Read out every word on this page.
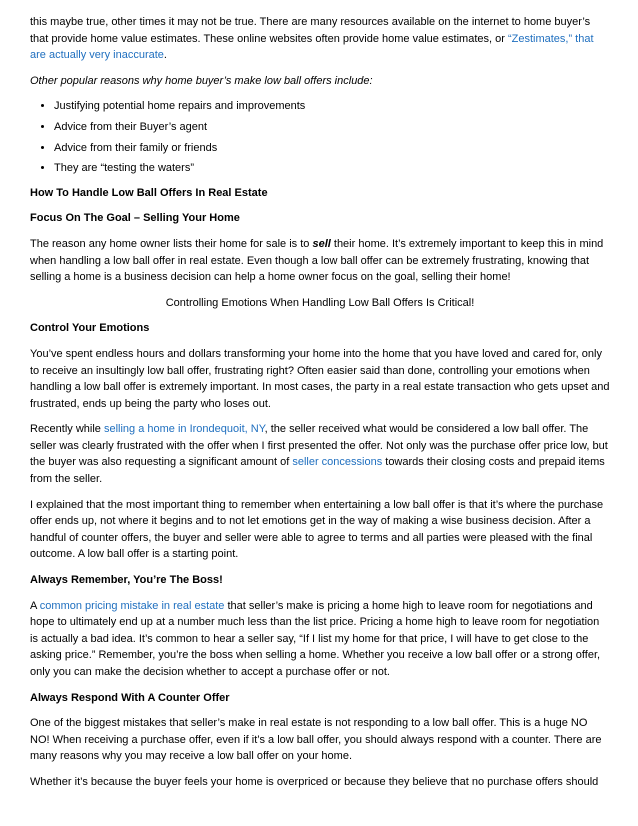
this maybe true, other times it may not be true. There are many resources available on the internet to home buyer’s that provide home value estimates. These online websites often provide home value estimates, or “Zestimates,” that are actually very inaccurate.

Other popular reasons why home buyer’s make low ball offers include:

• Justifying potential home repairs and improvements
• Advice from their Buyer’s agent
• Advice from their family or friends
• They are “testing the waters”

How To Handle Low Ball Offers In Real Estate

Focus On The Goal – Selling Your Home

The reason any home owner lists their home for sale is to sell their home. It’s extremely important to keep this in mind when handling a low ball offer in real estate. Even though a low ball offer can be extremely frustrating, knowing that selling a home is a business decision can help a home owner focus on the goal, selling their home!

Controlling Emotions When Handling Low Ball Offers Is Critical!

Control Your Emotions

You’ve spent endless hours and dollars transforming your home into the home that you have loved and cared for, only to receive an insultingly low ball offer, frustrating right? Often easier said than done, controlling your emotions when handling a low ball offer is extremely important. In most cases, the party in a real estate transaction who gets upset and frustrated, ends up being the party who loses out.

Recently while selling a home in Irondequoit, NY, the seller received what would be considered a low ball offer. The seller was clearly frustrated with the offer when I first presented the offer. Not only was the purchase offer price low, but the buyer was also requesting a significant amount of seller concessions towards their closing costs and prepaid items from the seller.

I explained that the most important thing to remember when entertaining a low ball offer is that it’s where the purchase offer ends up, not where it begins and to not let emotions get in the way of making a wise business decision. After a handful of counter offers, the buyer and seller were able to agree to terms and all parties were pleased with the final outcome. A low ball offer is a starting point.

Always Remember, You’re The Boss!

A common pricing mistake in real estate that seller’s make is pricing a home high to leave room for negotiations and hope to ultimately end up at a number much less than the list price. Pricing a home high to leave room for negotiation is actually a bad idea. It’s common to hear a seller say, “If I list my home for that price, I will have to get close to the asking price.” Remember, you’re the boss when selling a home. Whether you receive a low ball offer or a strong offer, only you can make the decision whether to accept a purchase offer or not.

Always Respond With A Counter Offer

One of the biggest mistakes that seller’s make in real estate is not responding to a low ball offer. This is a huge NO NO! When receiving a purchase offer, even if it’s a low ball offer, you should always respond with a counter. There are many reasons why you may receive a low ball offer on your home.

Whether it’s because the buyer feels your home is overpriced or because they believe that no purchase offers should
